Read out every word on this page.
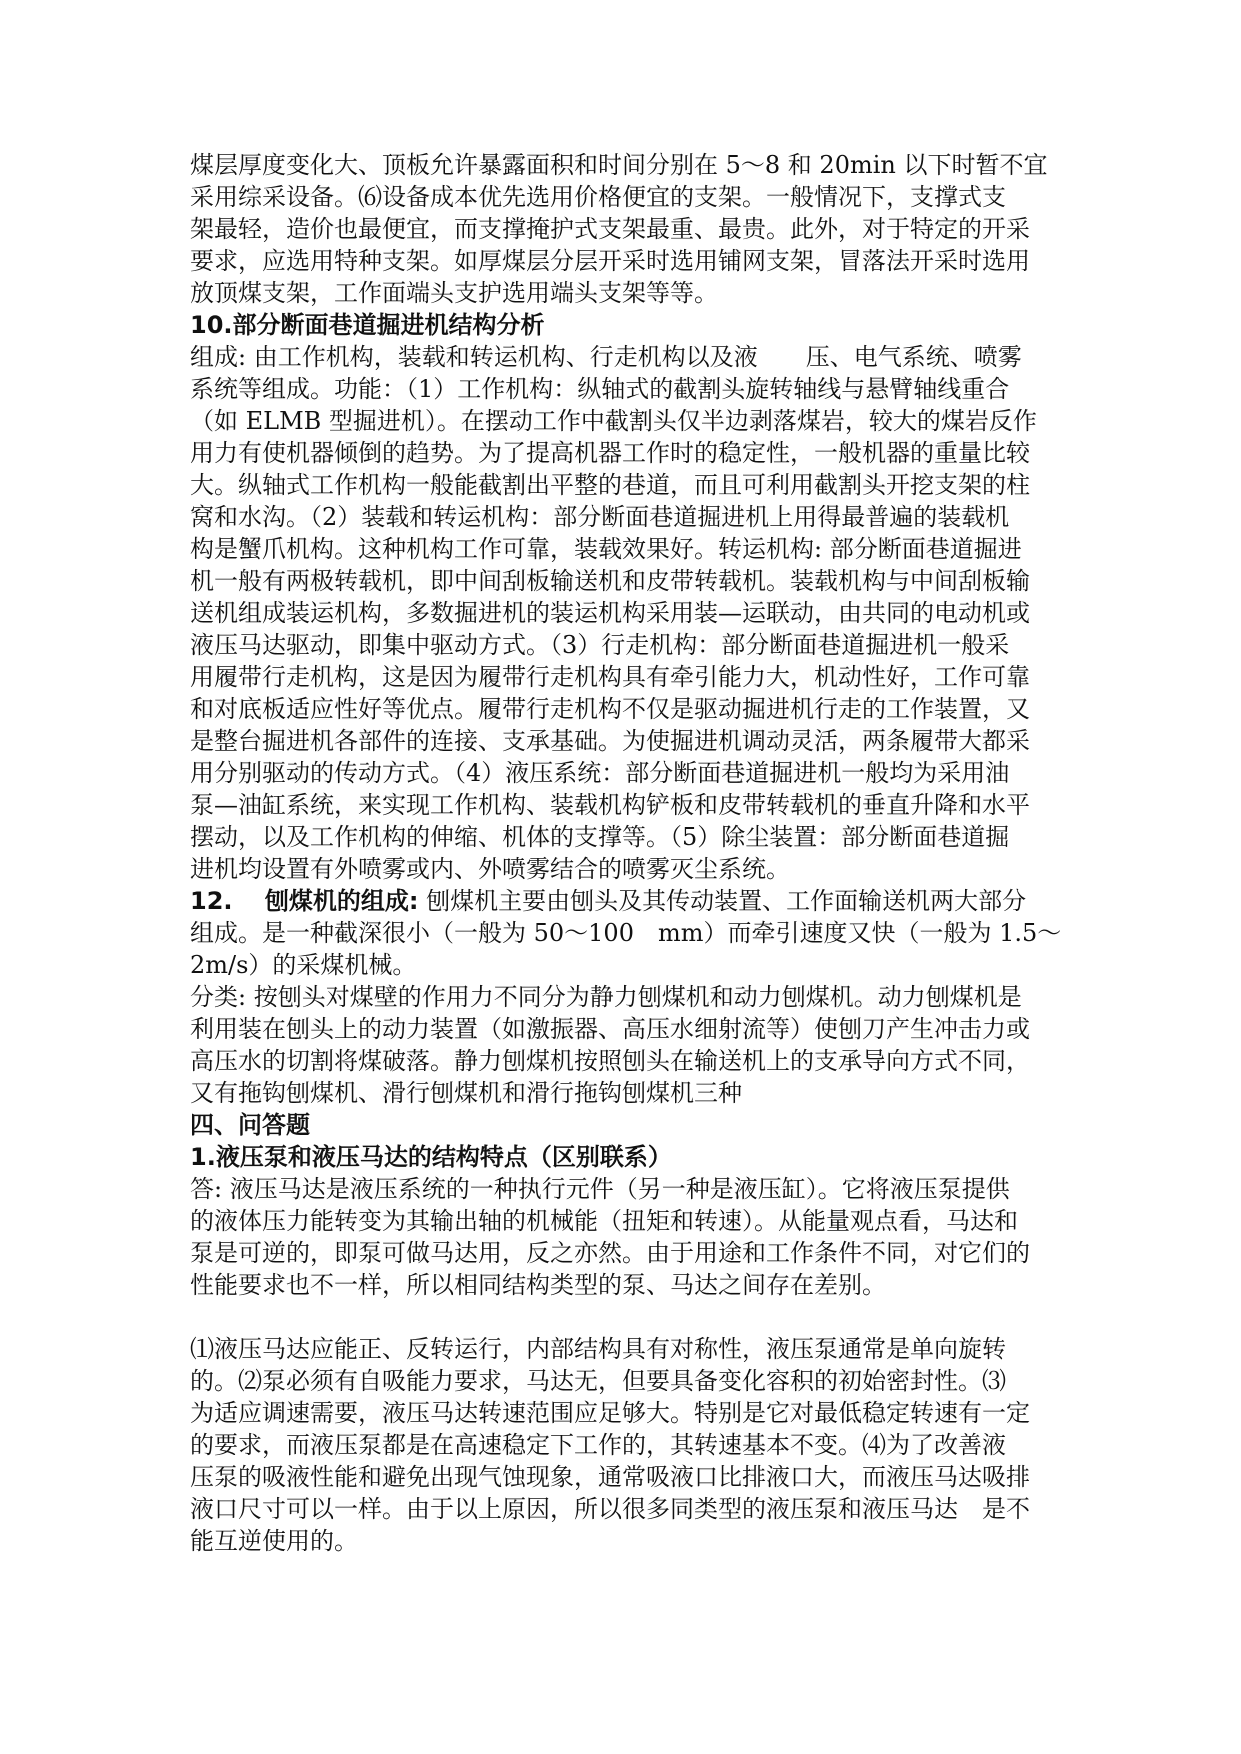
煤层厚度变化大、顶板允许暴露面积和时间分别在 5～8 和 20min 以下时暂不宜
采用综采设备。⑹设备成本优先选用价格便宜的支架。一般情况下，支撑式支
架最轻，造价也最便宜，而支撑掩护式支架最重、最贵。此外，对于特定的开采
要求，应选用特种支架。如厚煤层分层开采时选用铺网支架，冒落法开采时选用
放顶煤支架，工作面端头支护选用端头支架等等。
10.部分断面巷道掘进机结构分析
组成: 由工作机构，装载和转运机构、行走机构以及液　　压、电气系统、喷雾
系统等组成。功能：（1）工作机构：纵轴式的截割头旋转轴线与悬臂轴线重合
（如 ELMB 型掘进机）。在摆动工作中截割头仅半边剥落煤岩，较大的煤岩反作
用力有使机器倾倒的趋势。为了提高机器工作时的稳定性，一般机器的重量比较
大。纵轴式工作机构一般能截割出平整的巷道，而且可利用截割头开挖支架的柱
窝和水沟。（2）装载和转运机构：部分断面巷道掘进机上用得最普遍的装载机
构是蟹爪机构。这种机构工作可靠，装载效果好。转运机构: 部分断面巷道掘进
机一般有两极转载机，即中间刮板输送机和皮带转载机。装载机构与中间刮板输
送机组成装运机构，多数掘进机的装运机构采用装—运联动，由共同的电动机或
液压马达驱动，即集中驱动方式。（3）行走机构：部分断面巷道掘进机一般采
用履带行走机构，这是因为履带行走机构具有牵引能力大，机动性好，工作可靠
和对底板适应性好等优点。履带行走机构不仅是驱动掘进机行走的工作装置，又
是整台掘进机各部件的连接、支承基础。为使掘进机调动灵活，两条履带大都采
用分别驱动的传动方式。（4）液压系统：部分断面巷道掘进机一般均为采用油
泵—油缸系统，来实现工作机构、装载机构铲板和皮带转载机的垂直升降和水平
摆动，以及工作机构的伸缩、机体的支撑等。（5）除尘装置：部分断面巷道掘
进机均设置有外喷雾或内、外喷雾结合的喷雾灭尘系统。
12.　 刨煤机的组成: 刨煤机主要由刨头及其传动装置、工作面输送机两大部分
组成。是一种截深很小（一般为 50～100　mm）而牵引速度又快（一般为 1.5～
2m/s）的采煤机械。
分类: 按刨头对煤壁的作用力不同分为静力刨煤机和动力刨煤机。动力刨煤机是
利用装在刨头上的动力装置（如激振器、高压水细射流等）使刨刀产生冲击力或
高压水的切割将煤破落。静力刨煤机按照刨头在输送机上的支承导向方式不同，
又有拖钩刨煤机、滑行刨煤机和滑行拖钩刨煤机三种
四、问答题
1.液压泵和液压马达的结构特点（区别联系）
答: 液压马达是液压系统的一种执行元件（另一种是液压缸）。它将液压泵提供
的液体压力能转变为其输出轴的机械能（扭矩和转速）。从能量观点看，马达和
泵是可逆的，即泵可做马达用，反之亦然。由于用途和工作条件不同，对它们的
性能要求也不一样，所以相同结构类型的泵、马达之间存在差别。
⑴液压马达应能正、反转运行，内部结构具有对称性，液压泵通常是单向旋转
的。⑵泵必须有自吸能力要求，马达无，但要具备变化容积的初始密封性。⑶
为适应调速需要，液压马达转速范围应足够大。特别是它对最低稳定转速有一定
的要求，而液压泵都是在高速稳定下工作的，其转速基本不变。⑷为了改善液
压泵的吸液性能和避免出现气蚀现象，通常吸液口比排液口大，而液压马达吸排
液口尺寸可以一样。由于以上原因，所以很多同类型的液压泵和液压马达　是不
能互逆使用的。
